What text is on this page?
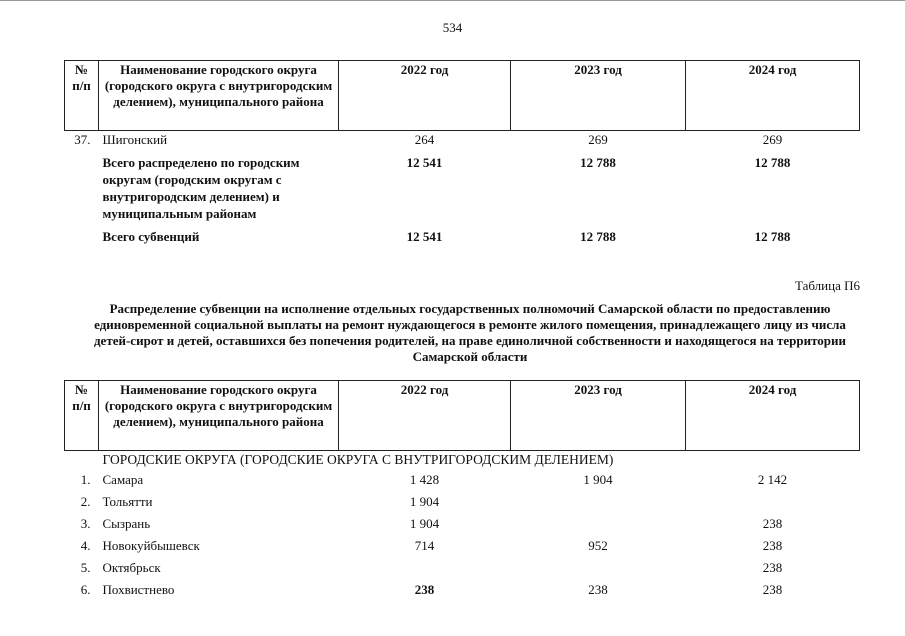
534
№ п/п	Наименование городского округа (городского округа с внутригородским делением), муниципального района	2022 год	2023 год	2024 год
37.	Шигонский	264	269	269
	Всего распределено по городским округам (городским округам с внутригородским делением) и муниципальным районам	12 541	12 788	12 788
	Всего субвенций	12 541	12 788	12 788
Таблица П6
Распределение субвенции на исполнение отдельных государственных полномочий Самарской области по предоставлению единовременной социальной выплаты на ремонт нуждающегося в ремонте жилого помещения, принадлежащего лицу из числа детей-сирот и детей, оставшихся без попечения родителей, на праве единоличной собственности и находящегося на территории Самарской области
№ п/п	Наименование городского округа (городского округа с внутригородским делением), муниципального района	2022 год	2023 год	2024 год
	ГОРОДСКИЕ ОКРУГА (ГОРОДСКИЕ ОКРУГА С ВНУТРИГОРОДСКИМ ДЕЛЕНИЕМ)			
1.	Самара	1 428	1 904	2 142
2.	Тольятти	1 904		
3.	Сызрань	1 904		238
4.	Новокуйбышевск	714	952	238
5.	Октябрьск			238
6.	Похвистнево	238	238	238
